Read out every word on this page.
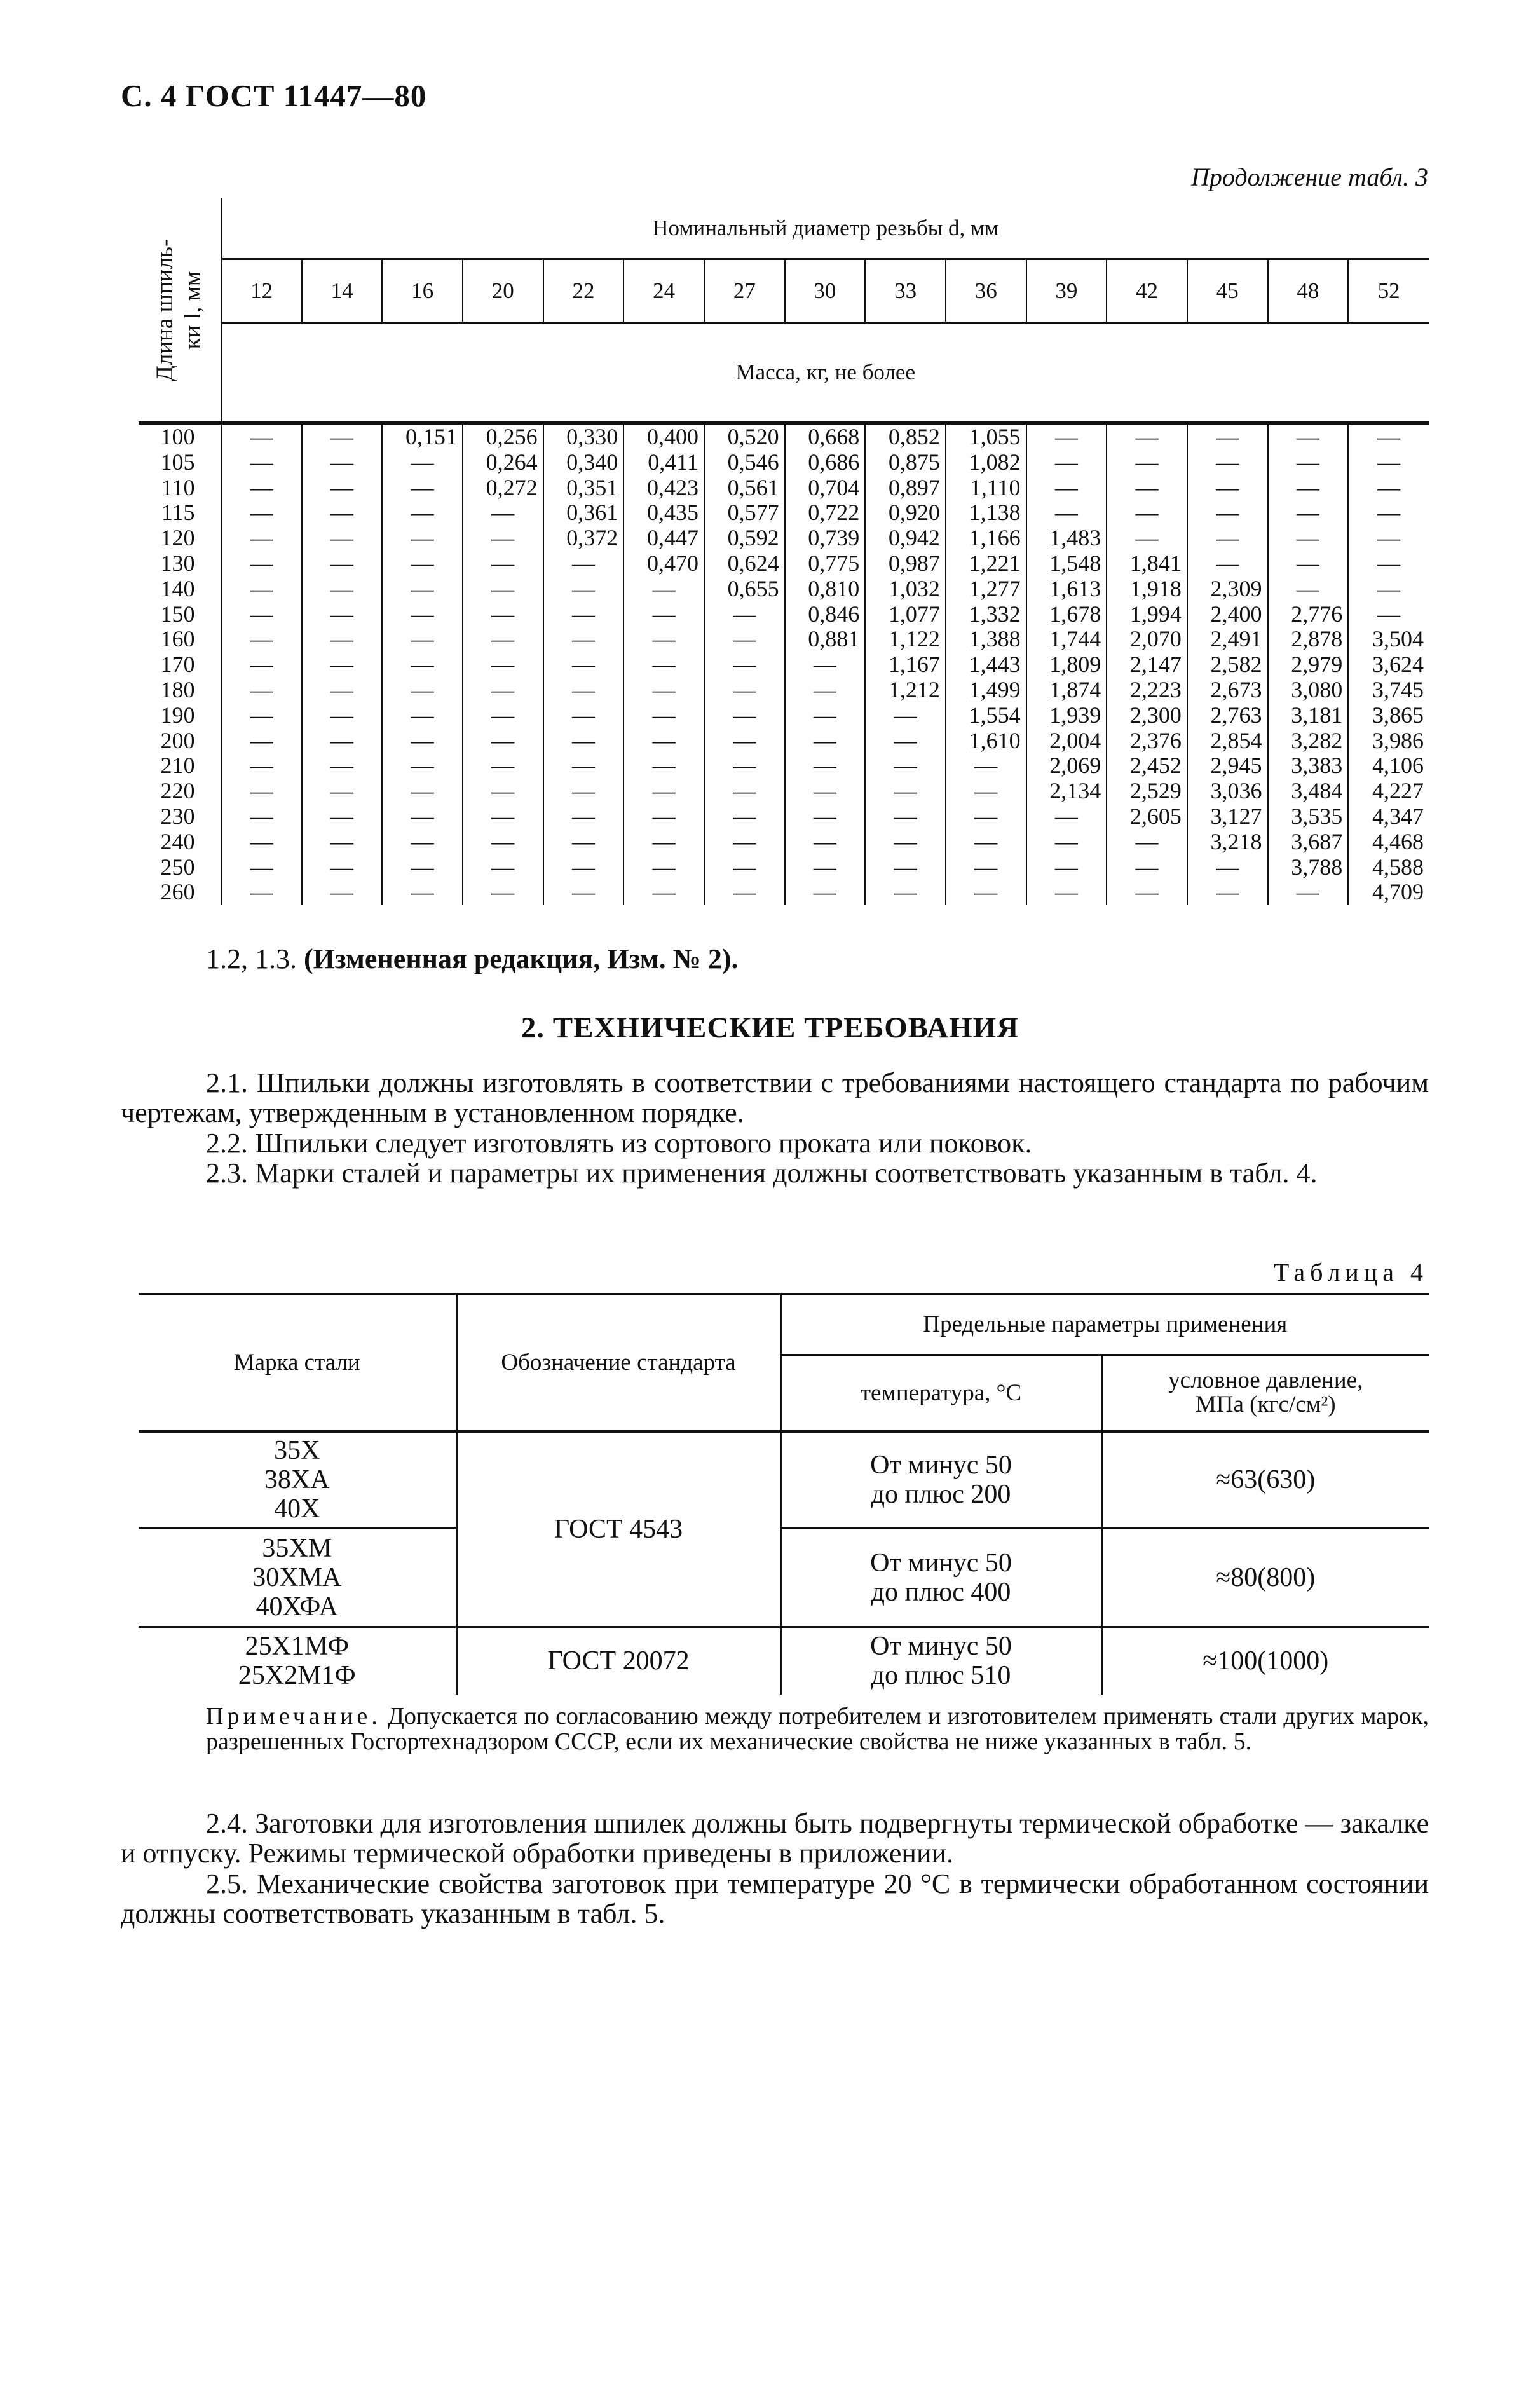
С. 4 ГОСТ 11447—80
Продолжение табл. 3
Длина шпиль-
ки l, мм	Номинальный диаметр резьбы d, мм														
	12	14	16	20	22	24	27	30	33	36	39	42	45	48	52
	Масса, кг, не более														
100	—	—	0,151	0,256	0,330	0,400	0,520	0,668	0,852	1,055	—	—	—	—	—
105	—	—	—	0,264	0,340	0,411	0,546	0,686	0,875	1,082	—	—	—	—	—
110	—	—	—	0,272	0,351	0,423	0,561	0,704	0,897	1,110	—	—	—	—	—
115	—	—	—	—	0,361	0,435	0,577	0,722	0,920	1,138	—	—	—	—	—
120	—	—	—	—	0,372	0,447	0,592	0,739	0,942	1,166	1,483	—	—	—	—
130	—	—	—	—	—	0,470	0,624	0,775	0,987	1,221	1,548	1,841	—	—	—
140	—	—	—	—	—	—	0,655	0,810	1,032	1,277	1,613	1,918	2,309	—	—
150	—	—	—	—	—	—	—	0,846	1,077	1,332	1,678	1,994	2,400	2,776	—
160	—	—	—	—	—	—	—	0,881	1,122	1,388	1,744	2,070	2,491	2,878	3,504
170	—	—	—	—	—	—	—	—	1,167	1,443	1,809	2,147	2,582	2,979	3,624
180	—	—	—	—	—	—	—	—	1,212	1,499	1,874	2,223	2,673	3,080	3,745
190	—	—	—	—	—	—	—	—	—	1,554	1,939	2,300	2,763	3,181	3,865
200	—	—	—	—	—	—	—	—	—	1,610	2,004	2,376	2,854	3,282	3,986
210	—	—	—	—	—	—	—	—	—	—	2,069	2,452	2,945	3,383	4,106
220	—	—	—	—	—	—	—	—	—	—	2,134	2,529	3,036	3,484	4,227
230	—	—	—	—	—	—	—	—	—	—	—	2,605	3,127	3,535	4,347
240	—	—	—	—	—	—	—	—	—	—	—	—	3,218	3,687	4,468
250	—	—	—	—	—	—	—	—	—	—	—	—	—	3,788	4,588
260	—	—	—	—	—	—	—	—	—	—	—	—	—	—	4,709
1.2, 1.3. (Измененная редакция, Изм. № 2).
2. ТЕХНИЧЕСКИЕ ТРЕБОВАНИЯ
2.1. Шпильки должны изготовлять в соответствии с требованиями настоящего стандарта по рабочим чертежам, утвержденным в установленном порядке.
2.2. Шпильки следует изготовлять из сортового проката или поковок.
2.3. Марки сталей и параметры их применения должны соответствовать указанным в табл. 4.
Таблица 4
Марка стали	Обозначение стандарта	Предельные параметры применения	
		температура, °С	условное давление,
МПа (кгс/см²)
35Х
38ХА
40Х	ГОСТ 4543	От минус 50
до плюс 200	≈63(630)
35ХМ
30ХМА
40ХФА		От минус 50
до плюс 400	≈80(800)
25Х1МФ
25Х2М1Ф	ГОСТ 20072	От минус 50
до плюс 510	≈100(1000)
Примечание. Допускается по согласованию между потребителем и изготовителем применять стали других марок, разрешенных Госгортехнадзором СССР, если их механические свойства не ниже указанных в табл. 5.
2.4. Заготовки для изготовления шпилек должны быть подвергнуты термической обработке — закалке и отпуску. Режимы термической обработки приведены в приложении.
2.5. Механические свойства заготовок при температуре 20 °С в термически обработанном состоянии должны соответствовать указанным в табл. 5.
